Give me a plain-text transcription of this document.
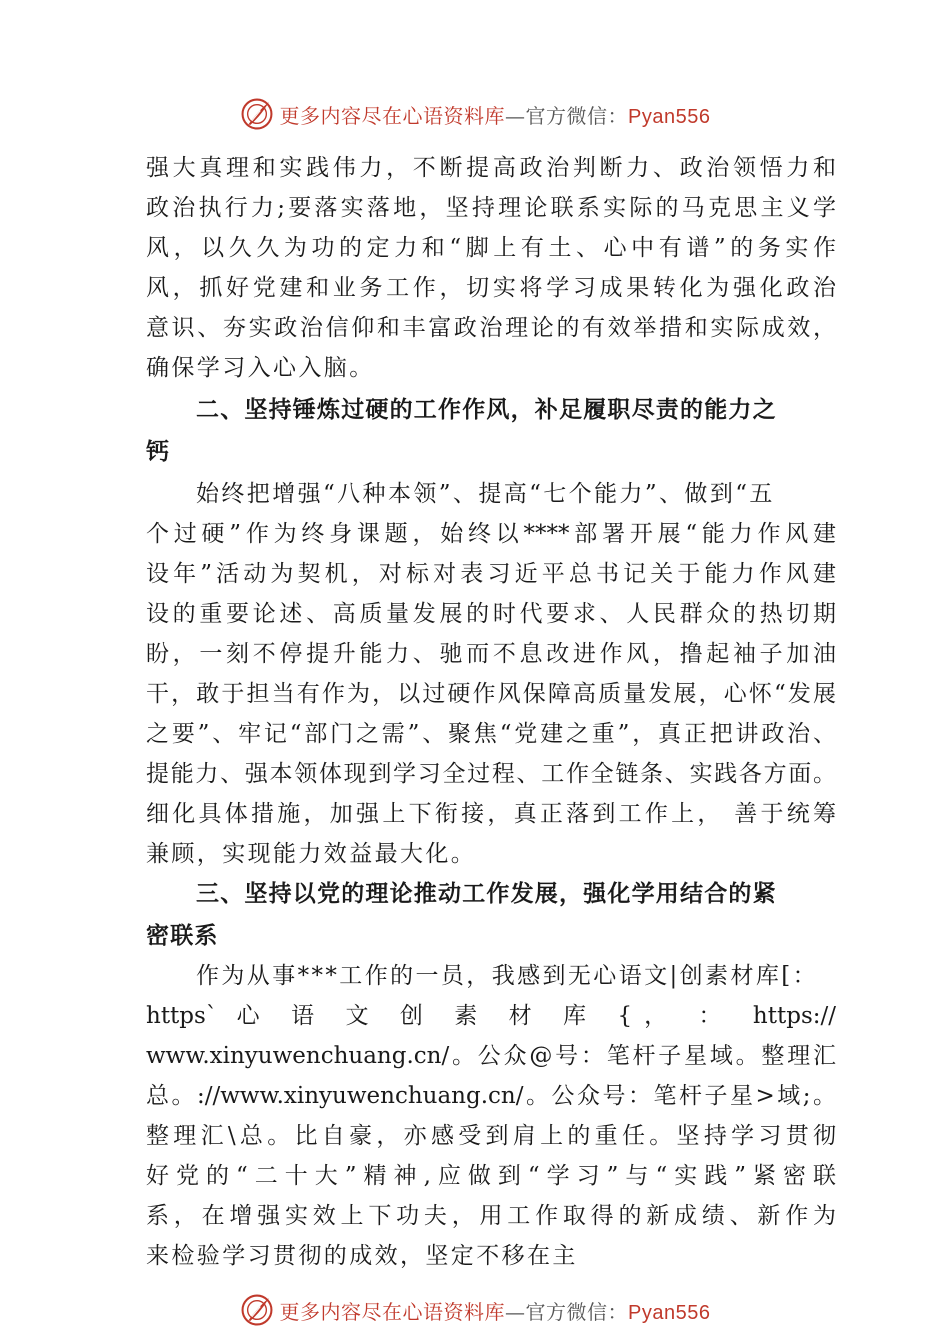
更多内容尽在心语资料库—官方微信：Pyan556
强大真理和实践伟力，不断提高政治判断力、政治领悟力和
政治执行力;要落实落地，坚持理论联系实际的马克思主义学
风，以久久为功的定力和“脚上有土、心中有谱”的务实作
风，抓好党建和业务工作，切实将学习成果转化为强化政治
意识、夯实政治信仰和丰富政治理论的有效举措和实际成效，
确保学习入心入脑。
二、坚持锤炼过硬的工作作风，补足履职尽责的能力之
钙
始终把增强“八种本领”、提高“七个能力”、做到“五
个过硬”作为终身课题，始终以****部署开展“能力作风建
设年”活动为契机，对标对表习近平总书记关于能力作风建
设的重要论述、高质量发展的时代要求、人民群众的热切期
盼，一刻不停提升能力、驰而不息改进作风，撸起袖子加油
干，敢于担当有作为，以过硬作风保障高质量发展，心怀“发展
之要”、牢记“部门之需”、聚焦“党建之重”，真正把讲政治、
提能力、强本领体现到学习全过程、工作全链条、实践各方面。
细化具体措施，加强上下衔接，真正落到工作上， 善于统筹
兼顾，实现能力效益最大化。
三、坚持以党的理论推动工作发展，强化学用结合的紧
密联系
作为从事***工作的一员，我感到无心语文|创素材库[：
https` 心 语 文 创 素 材 库 {， ： https://
www.xinyuwenchuang.cn/。公众@号：笔杆子星域。整理汇
总。://www.xinyuwenchuang.cn/。公众号：笔杆子星>域;。
整理汇\总。比自豪，亦感受到肩上的重任。坚持学习贯彻
好党的“二十大”精神,应做到“学习”与“实践”紧密联
系，在增强实效上下功夫，用工作取得的新成绩、新作为
来检验学习贯彻的成效，坚定不移在主
更多内容尽在心语资料库—官方微信：Pyan556
